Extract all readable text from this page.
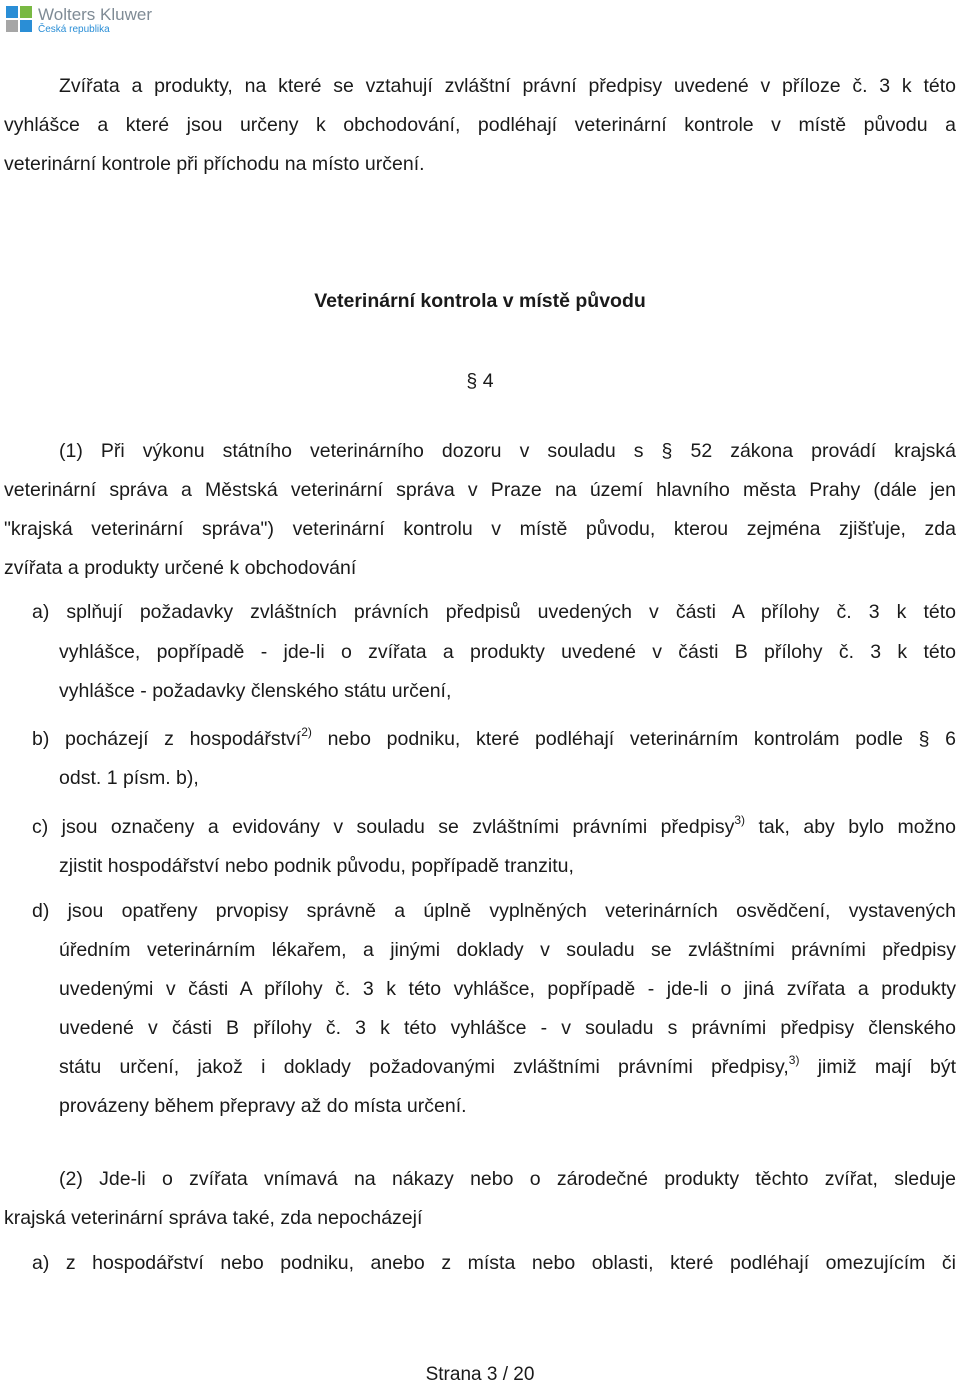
Wolters Kluwer
Česká republika
Zvířata a produkty, na které se vztahují zvláštní právní předpisy uvedené v příloze č. 3 k této
vyhlášce a které jsou určeny k obchodování, podléhají veterinární kontrole v místě původu a
veterinární kontrole při příchodu na místo určení.
Veterinární kontrola v místě původu
§ 4
(1) Při výkonu státního veterinárního dozoru v souladu s § 52 zákona provádí krajská
veterinární správa a Městská veterinární správa v Praze na území hlavního města Prahy (dále jen
"krajská veterinární správa") veterinární kontrolu v místě původu, kterou zejména zjišťuje, zda
zvířata a produkty určené k obchodování
a) splňují požadavky zvláštních právních předpisů uvedených v části A přílohy č. 3 k této
vyhlášce, popřípadě - jde-li o zvířata a produkty uvedené v části B přílohy č. 3 k této
vyhlášce - požadavky členského státu určení,
b) pocházejí z hospodářství$^{2)}$ nebo podniku, které podléhají veterinárním kontrolám podle § 6
odst. 1 písm. b),
c) jsou označeny a evidovány v souladu se zvláštními právními předpisy$^{3)}$ tak, aby bylo možno
zjistit hospodářství nebo podnik původu, popřípadě tranzitu,
d) jsou opatřeny prvopisy správně a úplně vyplněných veterinárních osvědčení, vystavených
úředním veterinárním lékařem, a jinými doklady v souladu se zvláštními právními předpisy
uvedenými v části A přílohy č. 3 k této vyhlášce, popřípadě - jde-li o jiná zvířata a produkty
uvedené v části B přílohy č. 3 k této vyhlášce - v souladu s právními předpisy členského
státu určení, jakož i doklady požadovanými zvláštními právními předpisy,$^{3)}$ jimiž mají být
provázeny během přepravy až do místa určení.
(2) Jde-li o zvířata vnímavá na nákazy nebo o zárodečné produkty těchto zvířat, sleduje
krajská veterinární správa také, zda nepocházejí
a) z hospodářství nebo podniku, anebo z místa nebo oblasti, které podléhají omezujícím či
Strana 3 / 20
